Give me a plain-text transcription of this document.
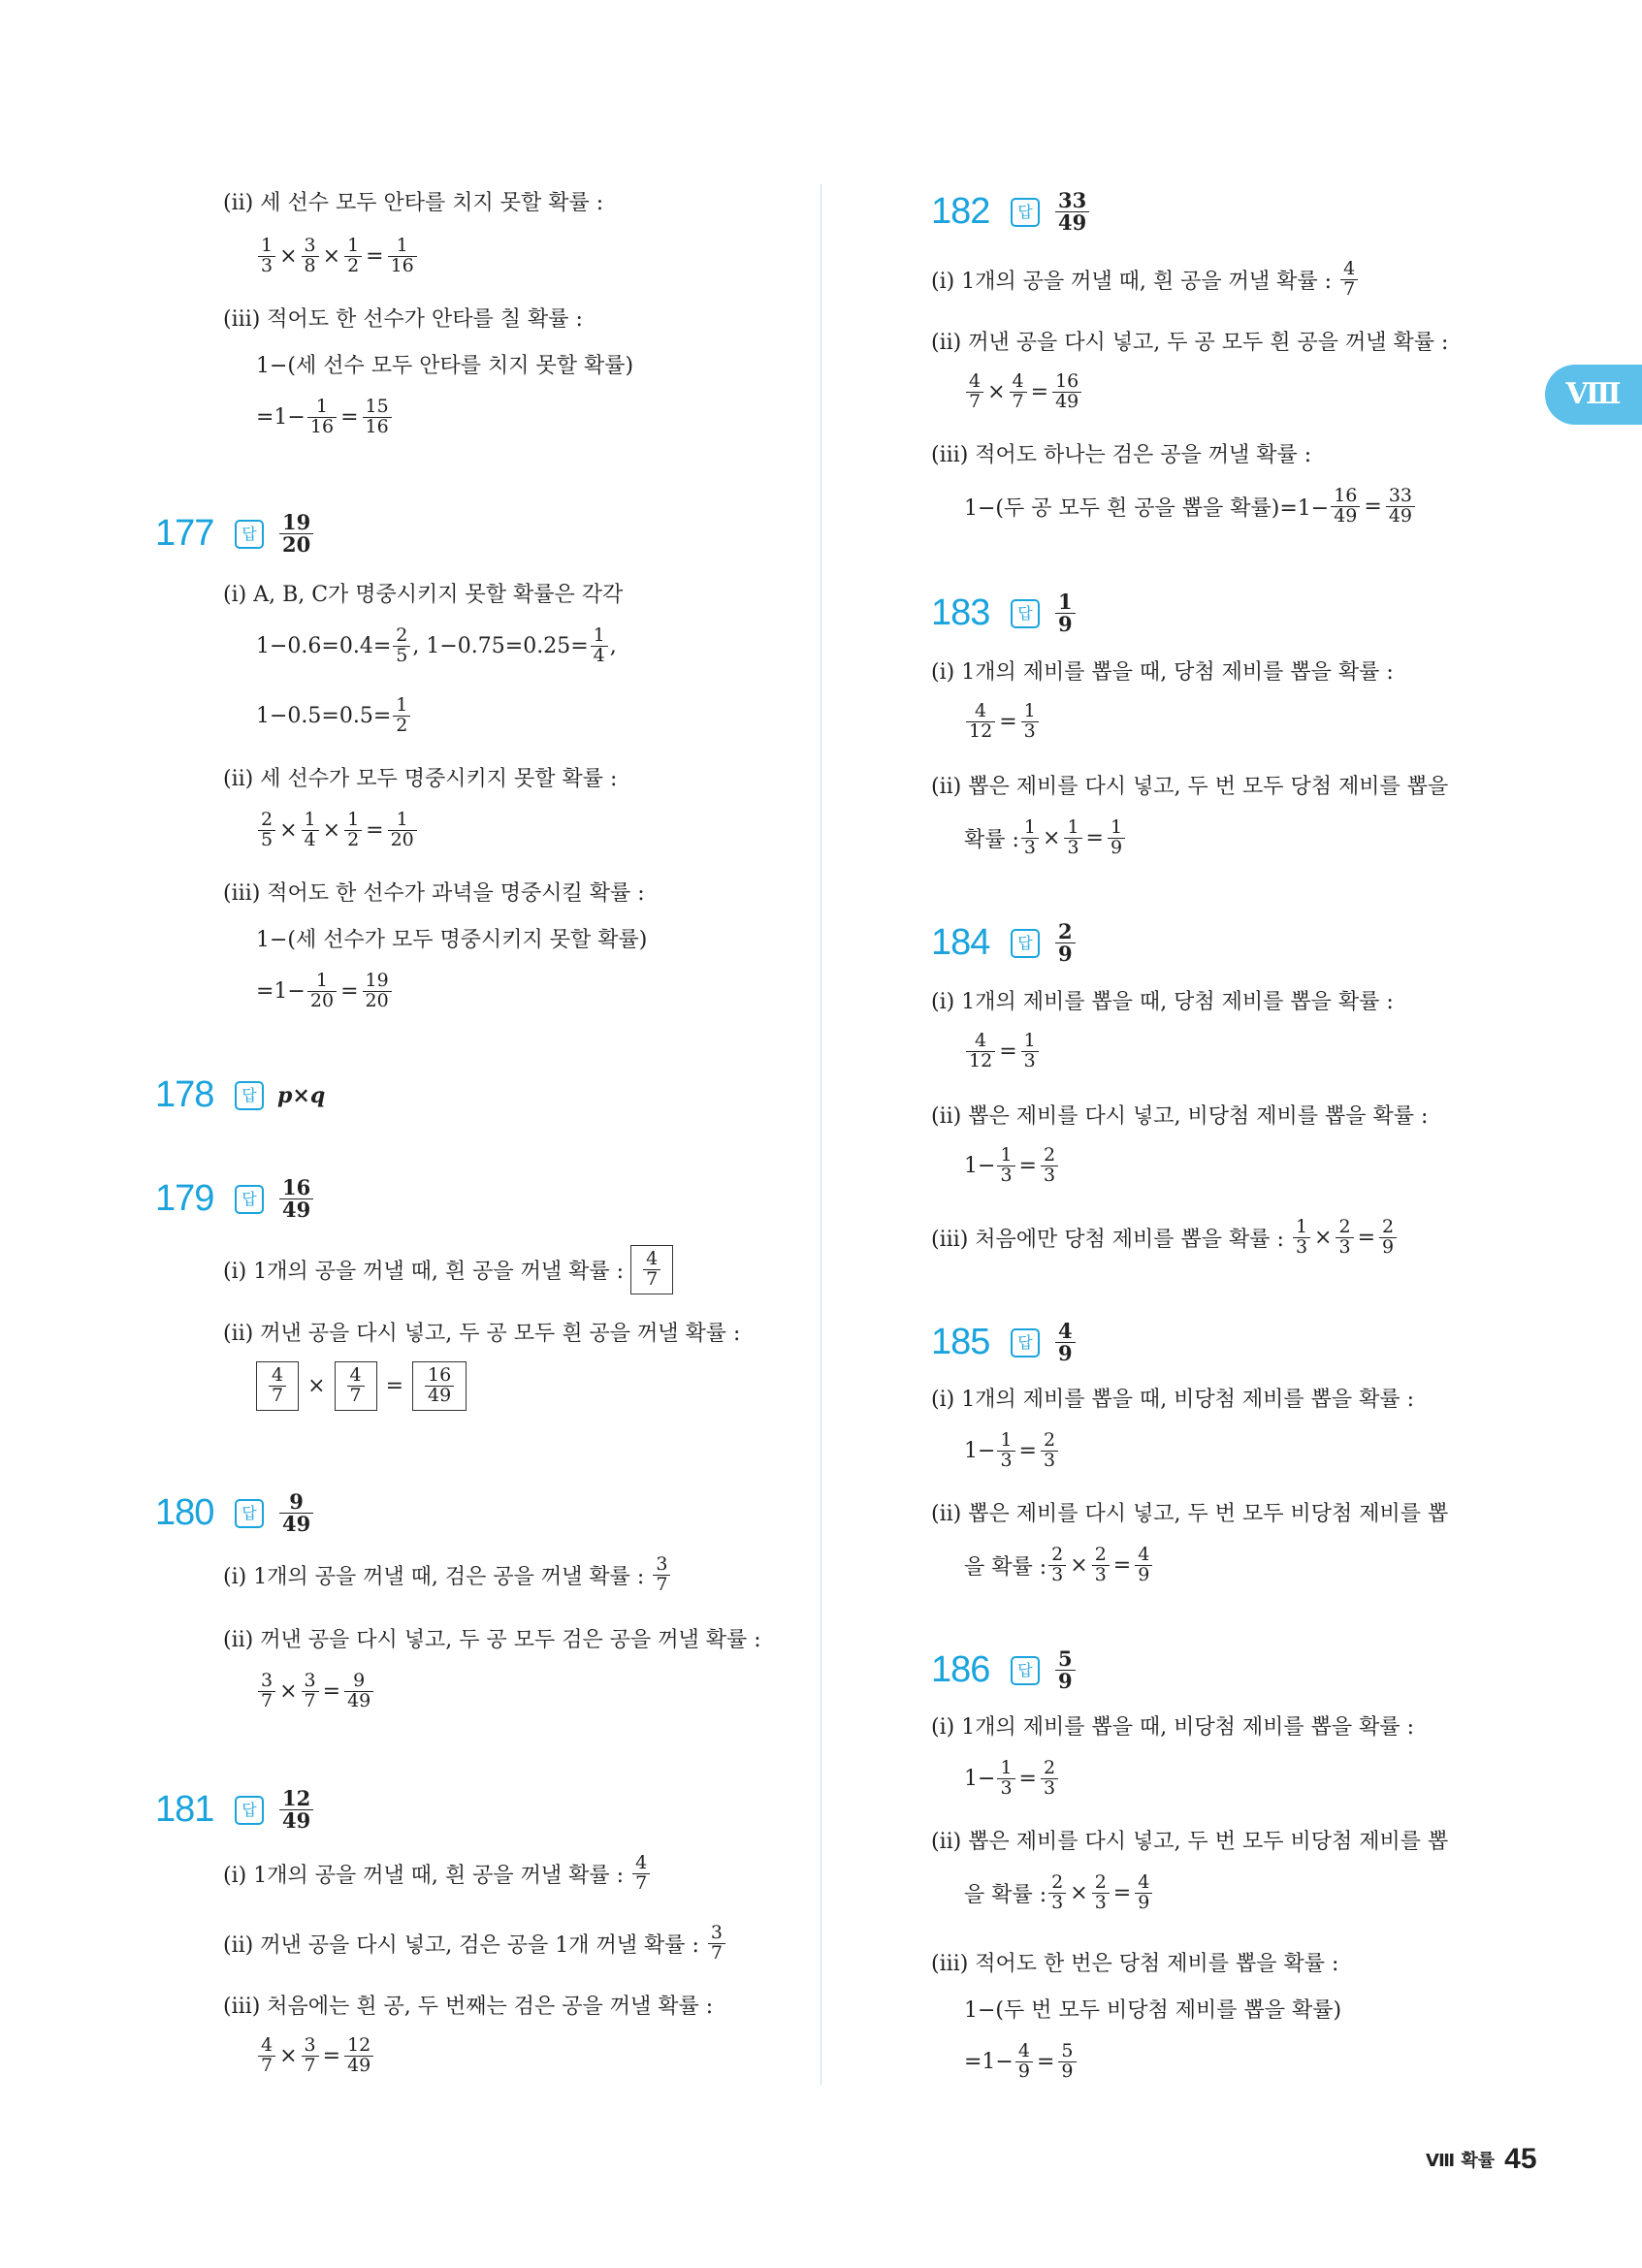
Ⅷ
(ⅱ) 세 선수 모두 안타를 치지 못할 확률 :
$\frac{1}{3} \times \frac{3}{8} \times \frac{1}{2} = \frac{1}{16}$
(ⅲ) 적어도 한 선수가 안타를 칠 확률 :
1−(세 선수 모두 안타를 치지 못할 확률)
$=1- \frac{1}{16} = \frac{15}{16}$
177	답	$\frac{19}{20}$
(ⅰ) A, B, C가 명중시키지 못할 확률은 각각
$1-0.6=0.4= \frac{2}{5}$ , $1-0.75=0.25= \frac{1}{4}$ ,
$1-0.5=0.5= \frac{1}{2}$
(ⅱ) 세 선수가 모두 명중시키지 못할 확률 :
$\frac{2}{5} \times \frac{1}{4} \times \frac{1}{2} = \frac{1}{20}$
(ⅲ) 적어도 한 선수가 과녁을 명중시킬 확률 :
1−(세 선수가 모두 명중시키지 못할 확률)
$=1- \frac{1}{20} = \frac{19}{20}$
178	답 p×q
179	답	$\frac{16}{49}$
(ⅰ) 1개의 공을 꺼낼 때, 흰 공을 꺼낼 확률 :
$\frac{4}{7}$
(ⅱ) 꺼낸 공을 다시 넣고, 두 공 모두 흰 공을 꺼낼 확률 :
$\frac{4}{7} \times \frac{4}{7} = \frac{16}{49}$
180	답	$\frac{9}{49}$
(ⅰ) 1개의 공을 꺼낼 때, 검은 공을 꺼낼 확률 :
$\frac{3}{7}$
(ⅱ) 꺼낸 공을 다시 넣고, 두 공 모두 검은 공을 꺼낼 확률 :
$\frac{3}{7} \times \frac{3}{7} = \frac{9}{49}$
181	답	$\frac{12}{49}$
(ⅰ) 1개의 공을 꺼낼 때, 흰 공을 꺼낼 확률 :
$\frac{4}{7}$
(ⅱ) 꺼낸 공을 다시 넣고, 검은 공을 1개 꺼낼 확률 :
$\frac{3}{7}$
(ⅲ) 처음에는 흰 공, 두 번째는 검은 공을 꺼낼 확률 :
$\frac{4}{7} \times \frac{3}{7} = \frac{12}{49}$
182	답	$\frac{33}{49}$
(ⅰ) 1개의 공을 꺼낼 때, 흰 공을 꺼낼 확률 :
$\frac{4}{7}$
(ⅱ) 꺼낸 공을 다시 넣고, 두 공 모두 흰 공을 꺼낼 확률 :
$\frac{4}{7} \times \frac{4}{7} = \frac{16}{49}$
(ⅲ) 적어도 하나는 검은 공을 꺼낼 확률 :
1−(두 공 모두 흰 공을 뽑을 확률)$=1- \frac{16}{49} = \frac{33}{49}$
183	답	$\frac{1}{9}$
(ⅰ) 1개의 제비를 뽑을 때, 당첨 제비를 뽑을 확률 :
$\frac{4}{12} = \frac{1}{3}$
(ⅱ) 뽑은 제비를 다시 넣고, 두 번 모두 당첨 제비를 뽑을
확률 : $\frac{1}{3} \times \frac{1}{3} = \frac{1}{9}$
184	답	$\frac{2}{9}$
(ⅰ) 1개의 제비를 뽑을 때, 당첨 제비를 뽑을 확률 :
$\frac{4}{12} = \frac{1}{3}$
(ⅱ) 뽑은 제비를 다시 넣고, 비당첨 제비를 뽑을 확률 :
$1- \frac{1}{3} = \frac{2}{3}$
(ⅲ) 처음에만 당첨 제비를 뽑을 확률 :
$\frac{1}{3} \times \frac{2}{3} = \frac{2}{9}$
185	답	$\frac{4}{9}$
(ⅰ) 1개의 제비를 뽑을 때, 비당첨 제비를 뽑을 확률 :
$1- \frac{1}{3} = \frac{2}{3}$
(ⅱ) 뽑은 제비를 다시 넣고, 두 번 모두 비당첨 제비를 뽑
을 확률 : $\frac{2}{3} \times \frac{2}{3} = \frac{4}{9}$
186	답	$\frac{5}{9}$
(ⅰ) 1개의 제비를 뽑을 때, 비당첨 제비를 뽑을 확률 :
$1- \frac{1}{3} = \frac{2}{3}$
(ⅱ) 뽑은 제비를 다시 넣고, 두 번 모두 비당첨 제비를 뽑
을 확률 : $\frac{2}{3} \times \frac{2}{3} = \frac{4}{9}$
(ⅲ) 적어도 한 번은 당첨 제비를 뽑을 확률 :
1−(두 번 모두 비당첨 제비를 뽑을 확률)
$=1- \frac{4}{9} = \frac{5}{9}$
Ⅷ 확률 45
